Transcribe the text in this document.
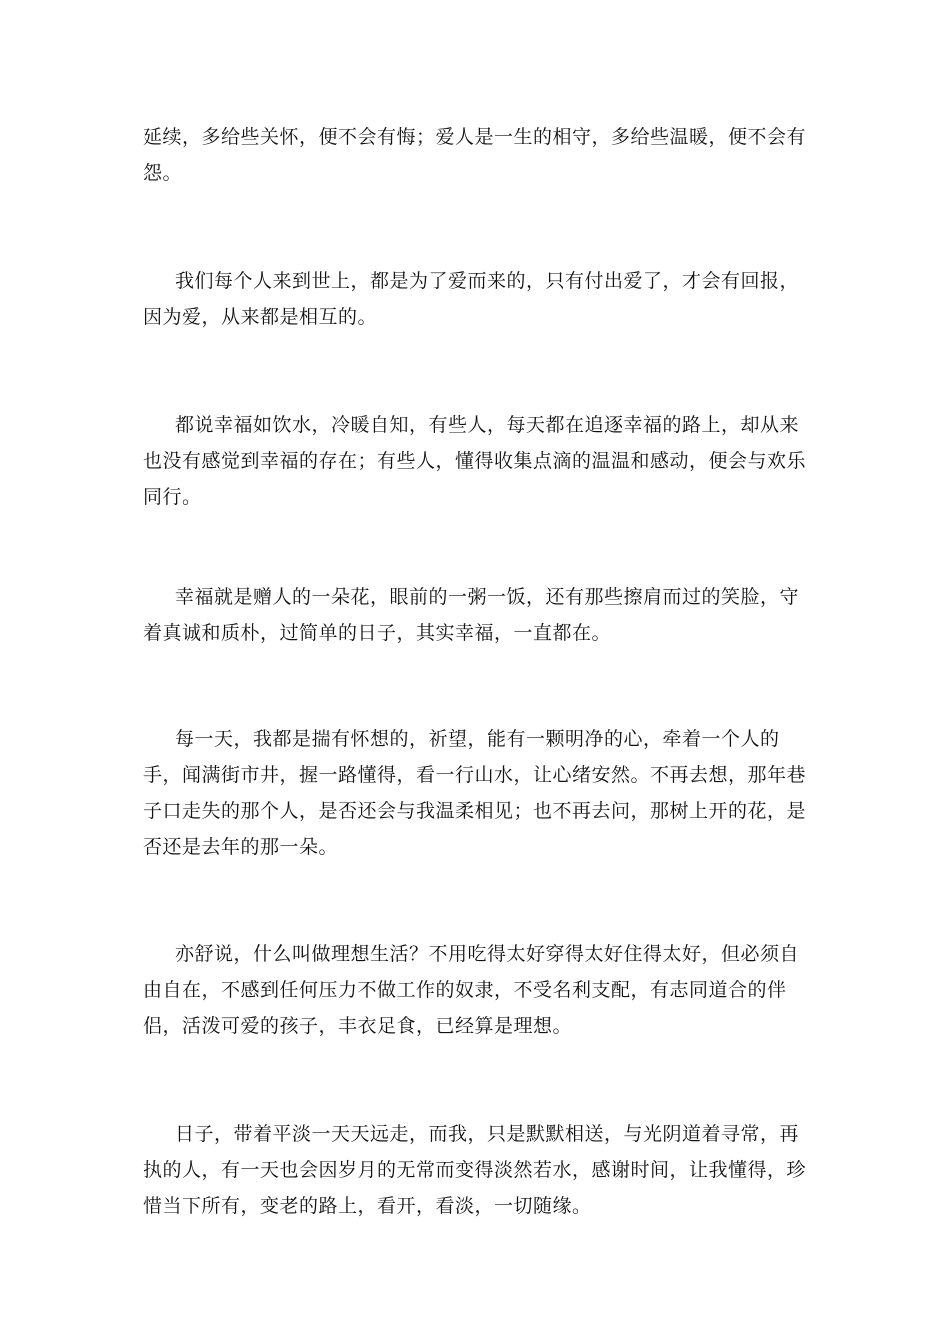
延续，多给些关怀，便不会有悔；爱人是一生的相守，多给些温暖，便不会有怨。

我们每个人来到世上，都是为了爱而来的，只有付出爱了，才会有回报，因为爱，从来都是相互的。

都说幸福如饮水，冷暖自知，有些人，每天都在追逐幸福的路上，却从来也没有感觉到幸福的存在；有些人，懂得收集点滴的温温和感动，便会与欢乐同行。

幸福就是赠人的一朵花，眼前的一粥一饭，还有那些擦肩而过的笑脸，守着真诚和质朴，过简单的日子，其实幸福，一直都在。

每一天，我都是揣有怀想的，祈望，能有一颗明净的心，牵着一个人的手，闻满街市井，握一路懂得，看一行山水，让心绪安然。不再去想，那年巷子口走失的那个人，是否还会与我温柔相见；也不再去问，那树上开的花，是否还是去年的那一朵。

亦舒说，什么叫做理想生活？不用吃得太好穿得太好住得太好，但必须自由自在，不感到任何压力不做工作的奴隶，不受名利支配，有志同道合的伴侣，活泼可爱的孩子，丰衣足食，已经算是理想。

日子，带着平淡一天天远走，而我，只是默默相送，与光阴道着寻常，再执的人，有一天也会因岁月的无常而变得淡然若水，感谢时间，让我懂得，珍惜当下所有，变老的路上，看开，看淡，一切随缘。
